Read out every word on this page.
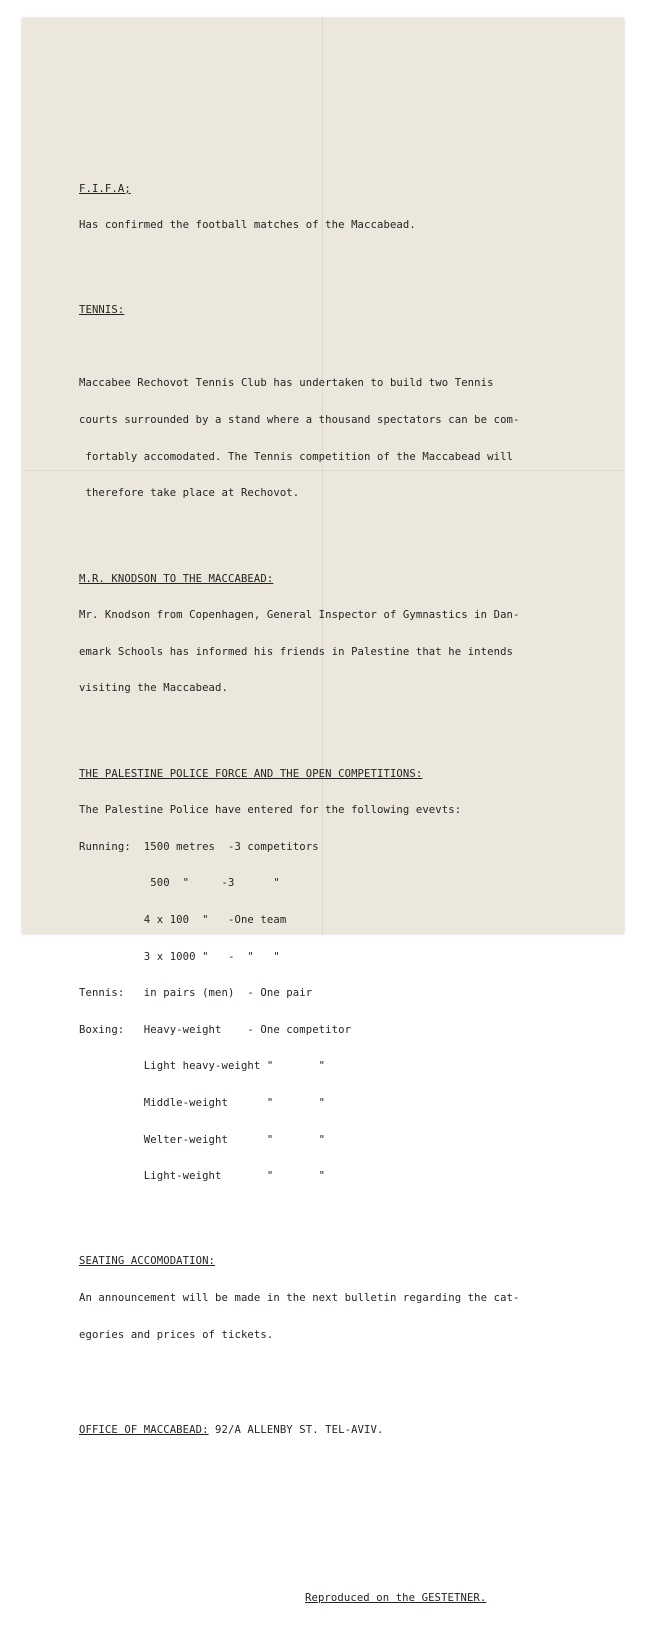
F.I.F.A;

Has confirmed the football matches of the Maccabead.

TENNIS:

Maccabee Rechovot Tennis Club has undertaken to build two Tennis

courts surrounded by a stand where a thousand spectators can be com-

fortably accomodated. The Tennis competition of the Maccabead will

therefore take place at Rechovot.

M.R. KNODSON TO THE MACCABEAD:

Mr. Knodson from Copenhagen, General Inspector of Gymnastics in Dan-

emark Schools has informed his friends in Palestine that he intends

visiting the Maccabead.

THE PALESTINE POLICE FORCE AND THE OPEN COMPETITIONS:

The Palestine Police have entered for the following evevts:

Running:  1500 metres  -3 competitors

500  "     -3      "

4 x 100  "   -One team

3 x 1000 "   -  "   "

Tennis:   in pairs (men)  - One pair

Boxing:   Heavy-weight    - One competitor

Light heavy-weight "       "

Middle-weight      "       "

Welter-weight      "       "

Light-weight       "       "

SEATING ACCOMODATION:

An announcement will be made in the next bulletin regarding the cat-

egories and prices of tickets.

OFFICE OF MACCABEAD: 92/A ALLENBY ST. TEL-AVIV.

Reproduced on the GESTETNER.
